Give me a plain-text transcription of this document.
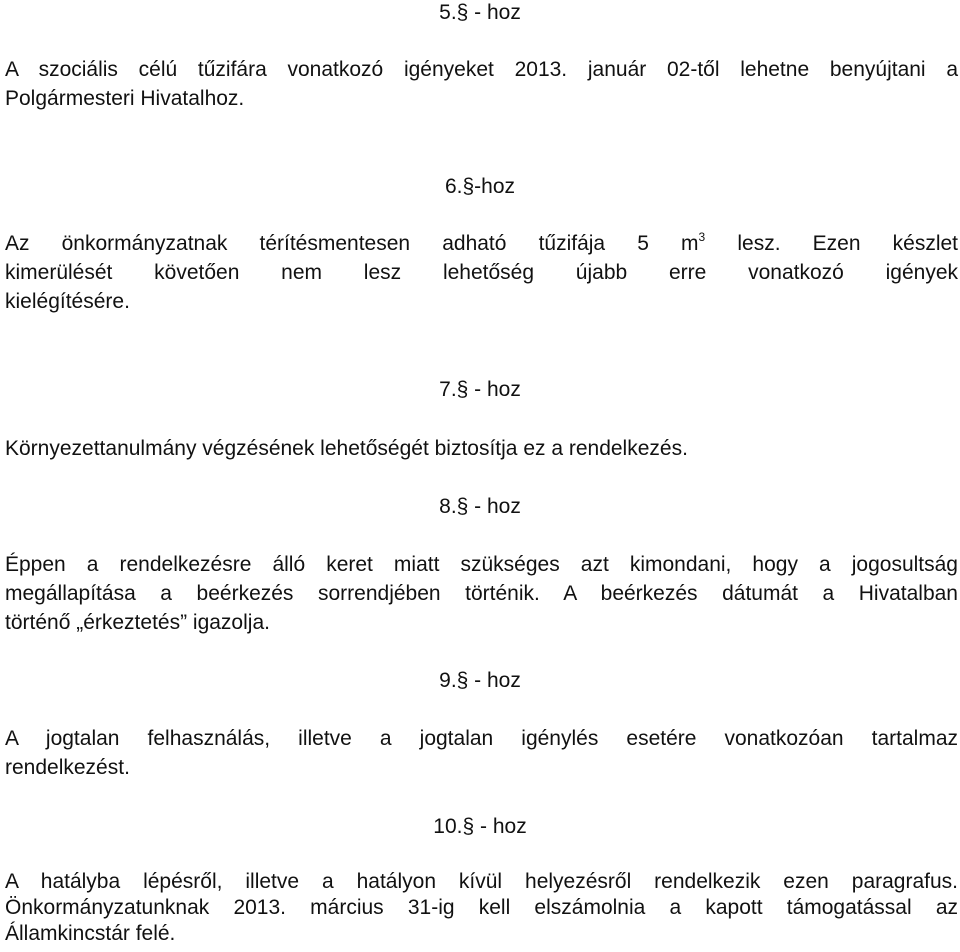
5.§ - hoz
A szociális célú tűzifára vonatkozó igényeket 2013. január 02-től lehetne benyújtani a
Polgármesteri Hivatalhoz.
6.§-hoz
Az önkormányzatnak térítésmentesen adható tűzifája 5 $m^3$ lesz. Ezen készlet
kimerülését követően nem lesz lehetőség újabb erre vonatkozó igények
kielégítésére.
7.§ - hoz
Környezettanulmány végzésének lehetőségét biztosítja ez a rendelkezés.
8.§ - hoz
Éppen a rendelkezésre álló keret miatt szükséges azt kimondani, hogy a jogosultság
megállapítása a beérkezés sorrendjében történik. A beérkezés dátumát a Hivatalban
történő „érkeztetés” igazolja.
9.§ - hoz
A jogtalan felhasználás, illetve a jogtalan igénylés esetére vonatkozóan tartalmaz
rendelkezést.
10.§ - hoz
A hatályba lépésről, illetve a hatályon kívül helyezésről rendelkezik ezen paragrafus.
Önkormányzatunknak 2013. március 31-ig kell elszámolnia a kapott támogatással az
Államkincstár felé.
